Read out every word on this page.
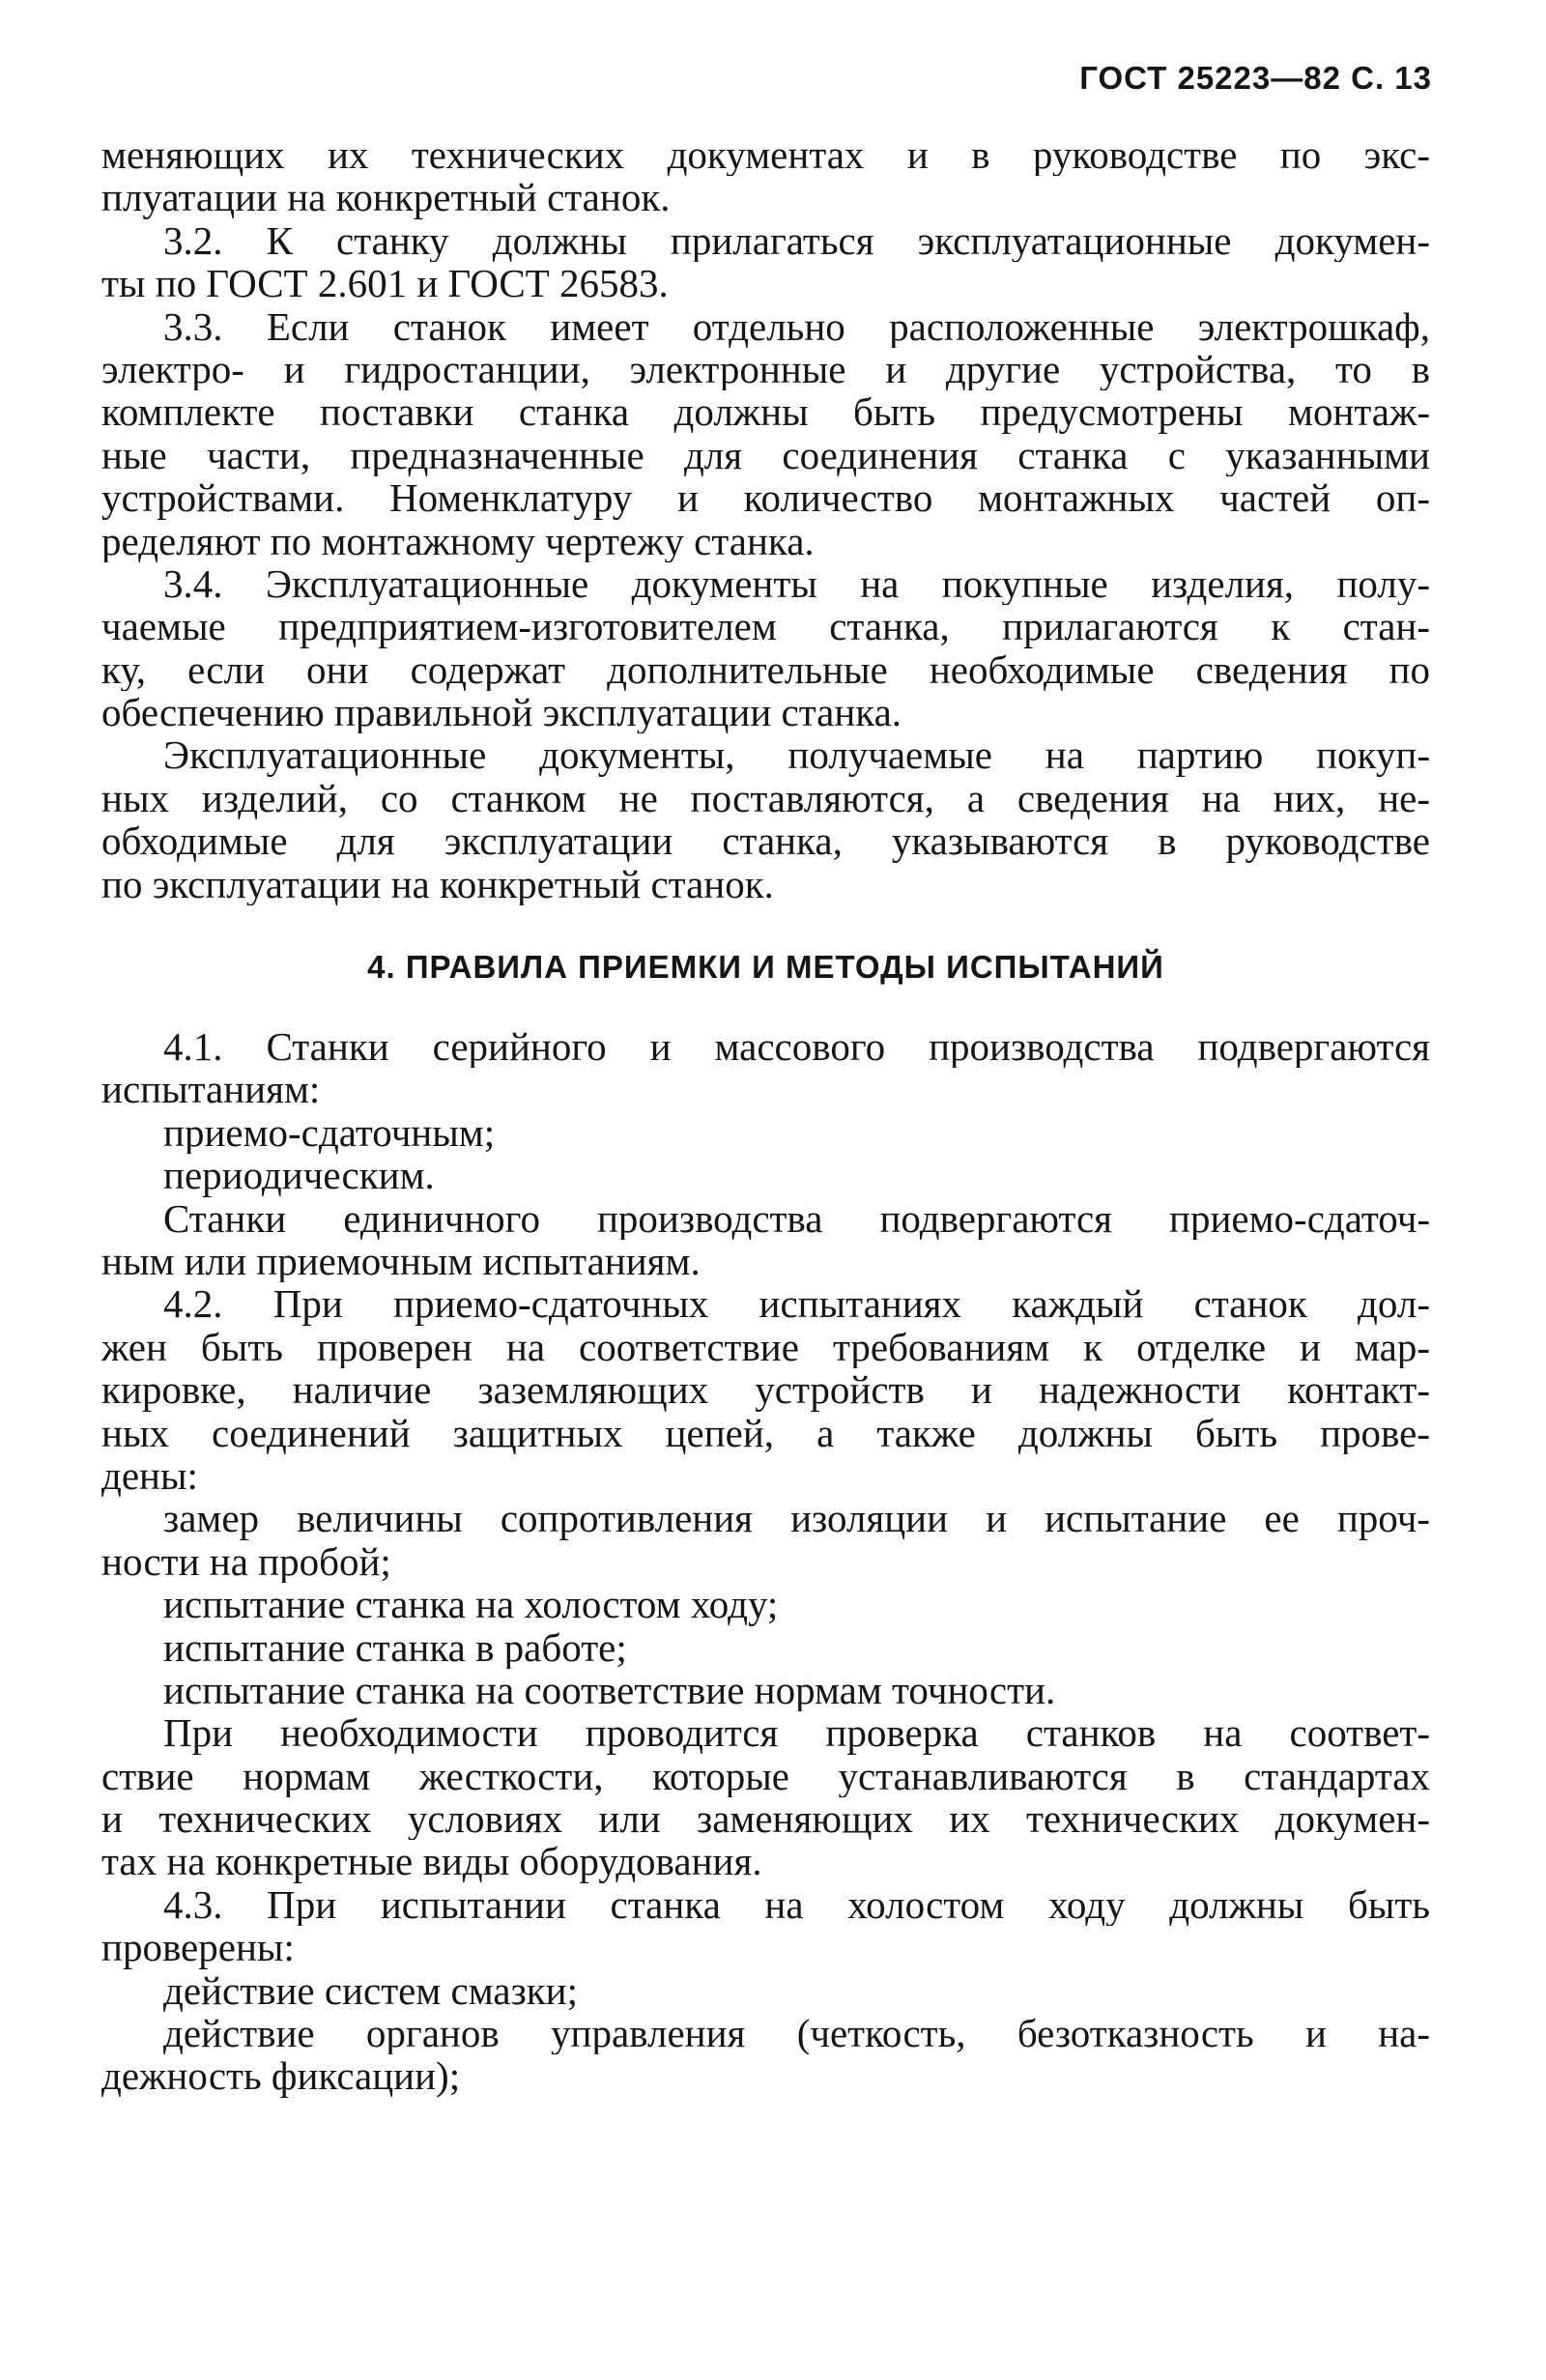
ГОСТ 25223—82 С. 13
меняющих их технических документах и в руководстве по экс-
плуатации на конкретный станок.
3.2. К станку должны прилагаться эксплуатационные докумен-
ты по ГОСТ 2.601 и ГОСТ 26583.
3.3. Если станок имеет отдельно расположенные электрошкаф,
электро- и гидростанции, электронные и другие устройства, то в
комплекте поставки станка должны быть предусмотрены монтаж-
ные части, предназначенные для соединения станка с указанными
устройствами. Номенклатуру и количество монтажных частей оп-
ределяют по монтажному чертежу станка.
3.4. Эксплуатационные документы на покупные изделия, полу-
чаемые предприятием-изготовителем станка, прилагаются к стан-
ку, если они содержат дополнительные необходимые сведения по
обеспечению правильной эксплуатации станка.
Эксплуатационные документы, получаемые на партию покуп-
ных изделий, со станком не поставляются, а сведения на них, не-
обходимые для эксплуатации станка, указываются в руководстве
по эксплуатации на конкретный станок.
4. ПРАВИЛА ПРИЕМКИ И МЕТОДЫ ИСПЫТАНИЙ
4.1. Станки серийного и массового производства подвергаются
испытаниям:
приемо-сдаточным;
периодическим.
Станки единичного производства подвергаются приемо-сдаточ-
ным или приемочным испытаниям.
4.2. При приемо-сдаточных испытаниях каждый станок дол-
жен быть проверен на соответствие требованиям к отделке и мар-
кировке, наличие заземляющих устройств и надежности контакт-
ных соединений защитных цепей, а также должны быть прове-
дены:
замер величины сопротивления изоляции и испытание ее проч-
ности на пробой;
испытание станка на холостом ходу;
испытание станка в работе;
испытание станка на соответствие нормам точности.
При необходимости проводится проверка станков на соответ-
ствие нормам жесткости, которые устанавливаются в стандартах
и технических условиях или заменяющих их технических докумен-
тах на конкретные виды оборудования.
4.3. При испытании станка на холостом ходу должны быть
проверены:
действие систем смазки;
действие органов управления (четкость, безотказность и на-
дежность фиксации);
